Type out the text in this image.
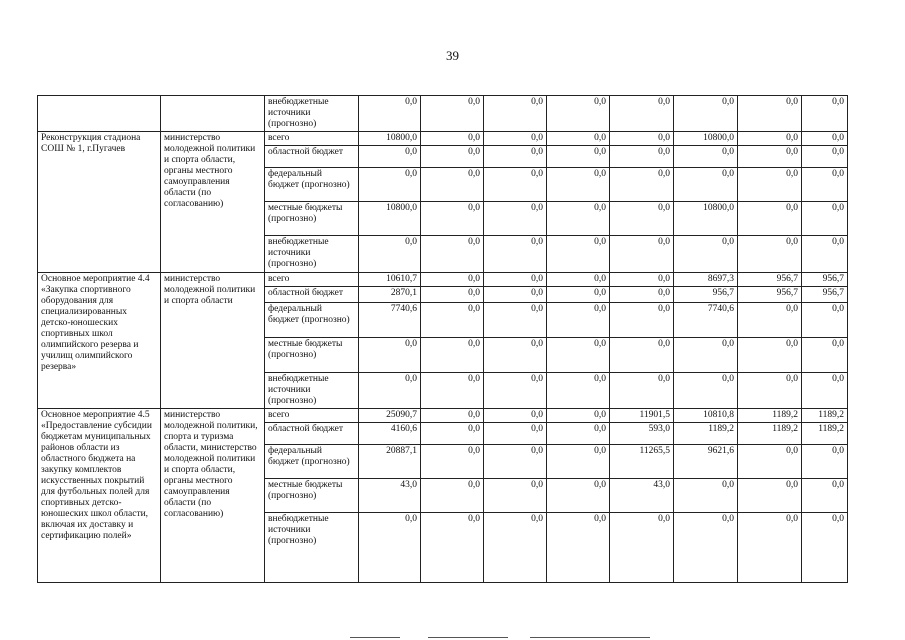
39
		внебюджетные источники (прогнозно)	0,0	0,0	0,0	0,0	0,0	0,0	0,0	0,0
Реконструкция стадиона СОШ № 1, г.Пугачев	министерство молодежной политики и спорта области, органы местного самоуправления области (по согласованию)	всего	10800,0	0,0	0,0	0,0	0,0	10800,0	0,0	0,0
		областной бюджет	0,0	0,0	0,0	0,0	0,0	0,0	0,0	0,0
		федеральный бюджет (прогнозно)	0,0	0,0	0,0	0,0	0,0	0,0	0,0	0,0
		местные бюджеты (прогнозно)	10800,0	0,0	0,0	0,0	0,0	10800,0	0,0	0,0
		внебюджетные источники (прогнозно)	0,0	0,0	0,0	0,0	0,0	0,0	0,0	0,0
Основное мероприятие 4.4 «Закупка спортивного оборудования для специализированных детско-юношеских спортивных школ олимпийского резерва и училищ олимпийского резерва»	министерство молодежной политики и спорта области	всего	10610,7	0,0	0,0	0,0	0,0	8697,3	956,7	956,7
		областной бюджет	2870,1	0,0	0,0	0,0	0,0	956,7	956,7	956,7
		федеральный бюджет (прогнозно)	7740,6	0,0	0,0	0,0	0,0	7740,6	0,0	0,0
		местные бюджеты (прогнозно)	0,0	0,0	0,0	0,0	0,0	0,0	0,0	0,0
		внебюджетные источники (прогнозно)	0,0	0,0	0,0	0,0	0,0	0,0	0,0	0,0
Основное мероприятие 4.5 «Предоставление субсидии бюджетам муниципальных районов области из областного бюджета на закупку комплектов искусственных покрытий для футбольных полей для спортивных детско-юношеских школ области, включая их доставку и сертификацию полей»	министерство молодежной политики, спорта и туризма области, министерство молодежной политики и спорта области, органы местного самоуправления области (по согласованию)	всего	25090,7	0,0	0,0	0,0	11901,5	10810,8	1189,2	1189,2
		областной бюджет	4160,6	0,0	0,0	0,0	593,0	1189,2	1189,2	1189,2
		федеральный бюджет (прогнозно)	20887,1	0,0	0,0	0,0	11265,5	9621,6	0,0	0,0
		местные бюджеты (прогнозно)	43,0	0,0	0,0	0,0	43,0	0,0	0,0	0,0
		внебюджетные источники (прогнозно)	0,0	0,0	0,0	0,0	0,0	0,0	0,0	0,0
